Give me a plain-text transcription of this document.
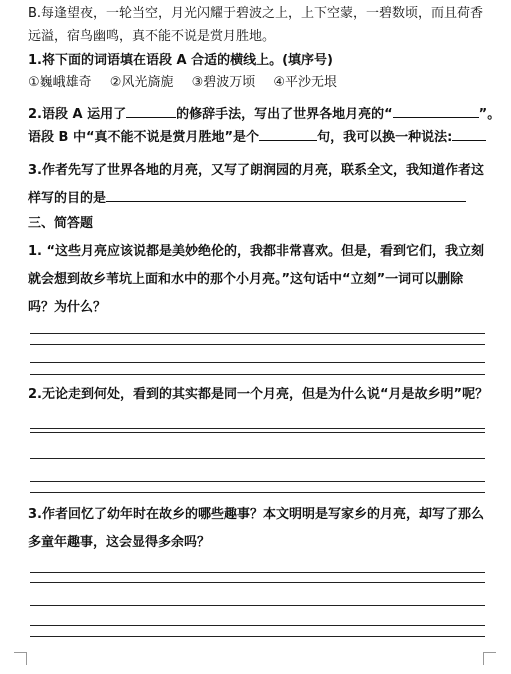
B.每逢望夜，一轮当空，月光闪耀于碧波之上，上下空蒙，一碧数顷，而且荷香
远溢，宿鸟幽鸣，真不能不说是赏月胜地。
1.将下面的词语填在语段 A 合适的横线上。(填序号)
①巍峨雄奇 ②风光旖旎 ③碧波万顷 ④平沙无垠
2.语段 A 运用了	的修辞手法，写出了世界各地月亮的“	”。
语段 B 中“真不能不说是赏月胜地”是个	句，我可以换一种说法:
3.作者先写了世界各地的月亮，又写了朗润园的月亮，联系全文，我知道作者这
样写的目的是
三、简答题
1. “这些月亮应该说都是美妙绝伦的，我都非常喜欢。但是，看到它们，我立刻
就会想到故乡苇坑上面和水中的那个小月亮。”这句话中“立刻”一词可以删除
吗？为什么？
2.无论走到何处，看到的其实都是同一个月亮，但是为什么说“月是故乡明”呢？
3.作者回忆了幼年时在故乡的哪些趣事？本文明明是写家乡的月亮，却写了那么
多童年趣事，这会显得多余吗？
